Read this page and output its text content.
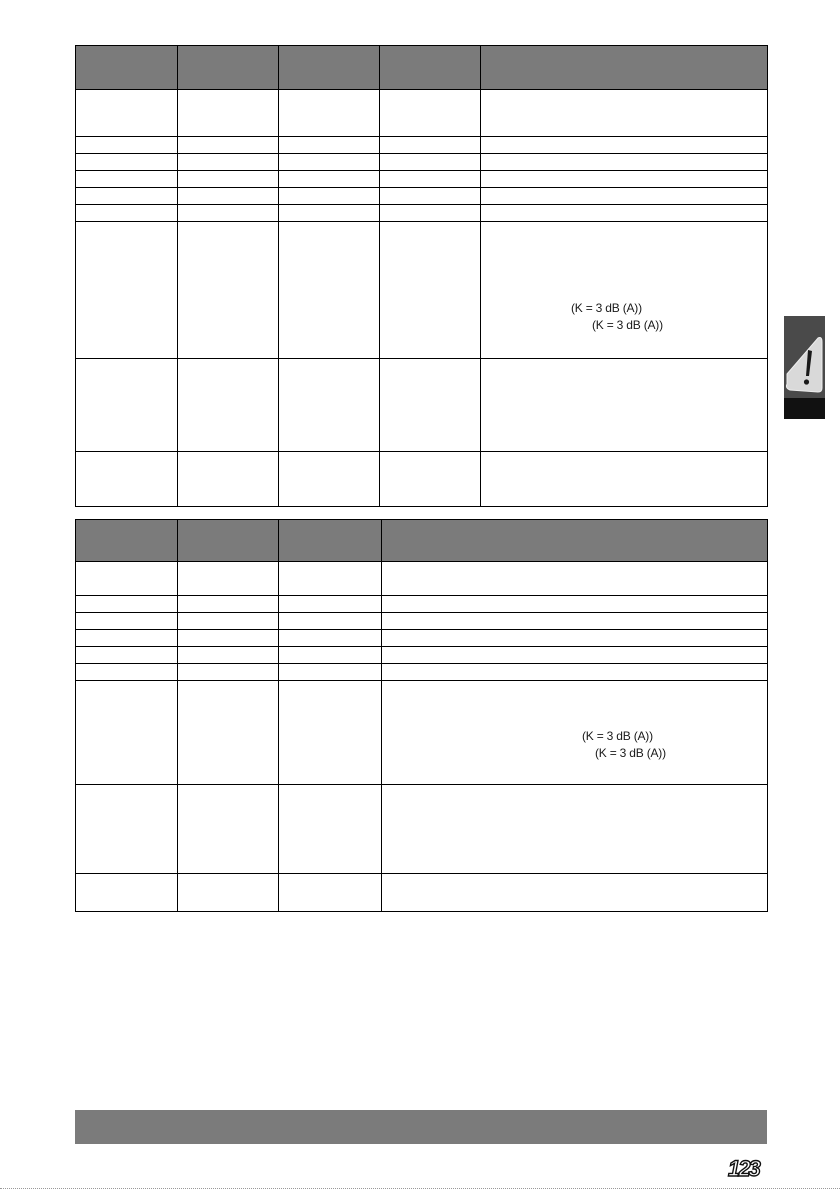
				(K = 3 dB (A))
(K = 3 dB (A))

			(K = 3 dB (A))
(K = 3 dB (A))

123
